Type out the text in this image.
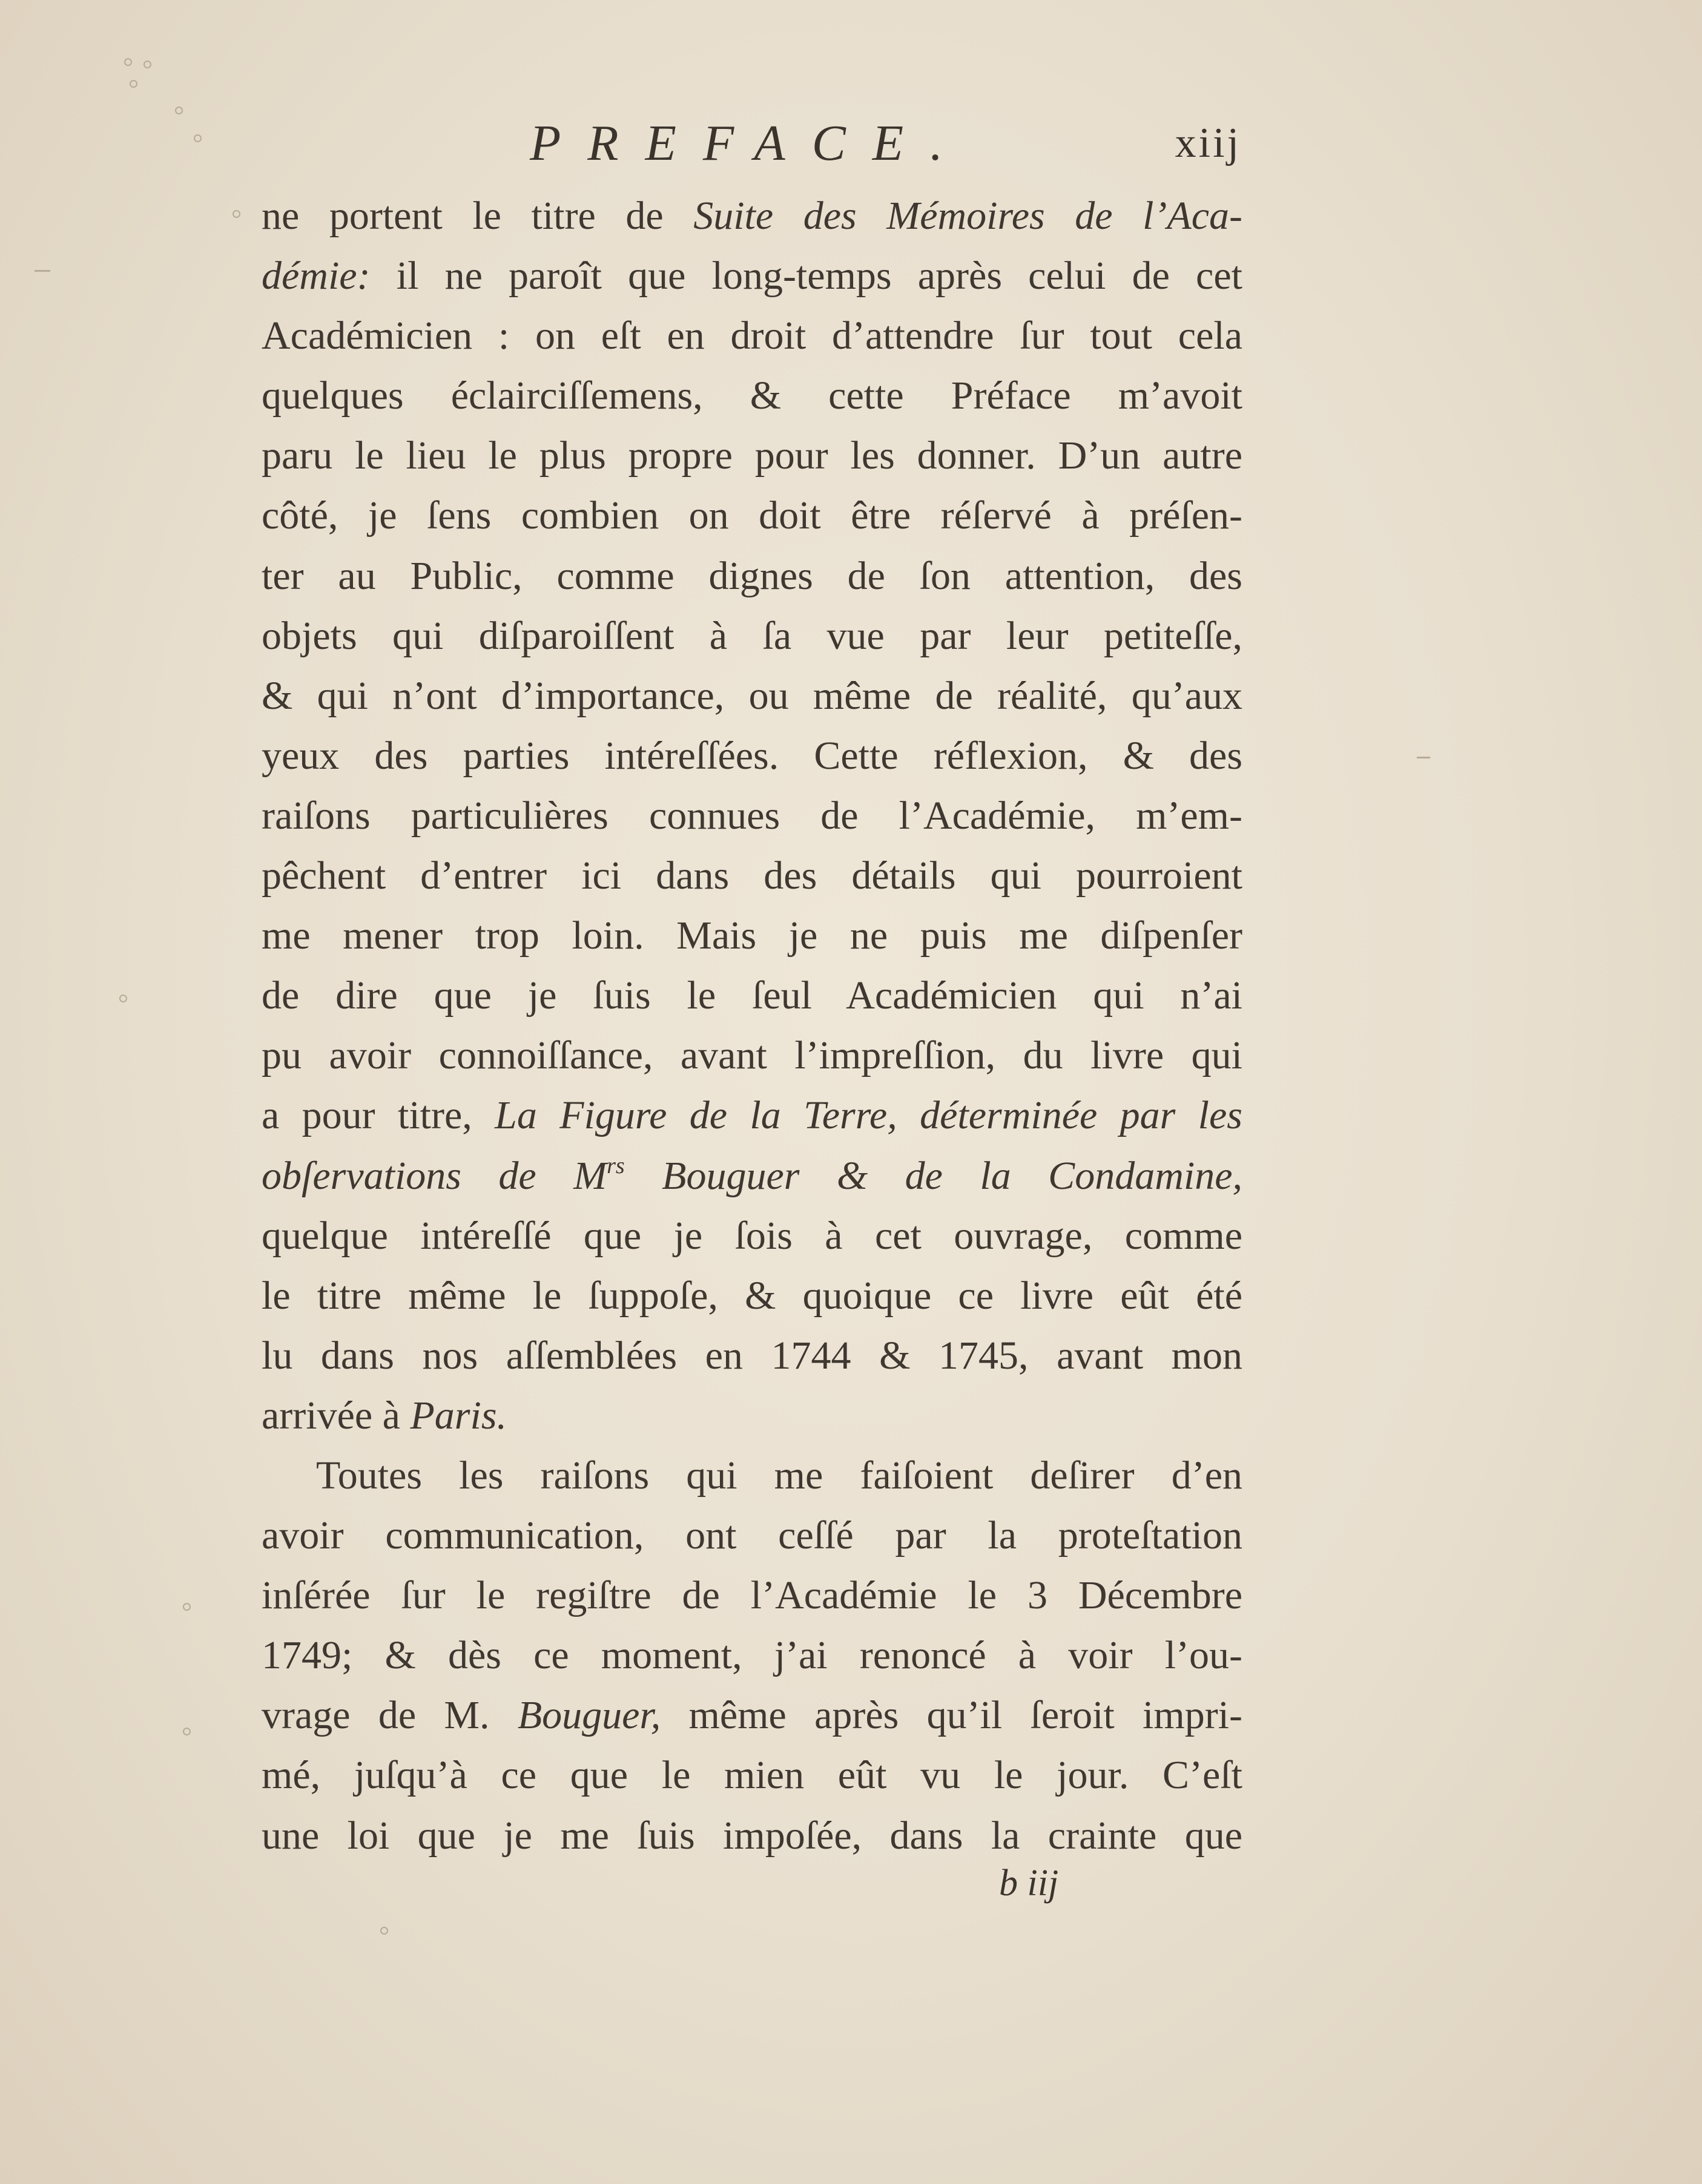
PREFACE.	xiij
ne portent le titre de Suite des Mémoires de l’Aca-
démie: il ne paroît que long-temps après celui de cet
Académicien : on eſt en droit d’attendre ſur tout cela
quelques éclairciſſemens, & cette Préface m’avoit
paru le lieu le plus propre pour les donner. D’un autre
côté, je ſens combien on doit être réſervé à préſen-
ter au Public, comme dignes de ſon attention, des
objets qui diſparoiſſent à ſa vue par leur petiteſſe,
& qui n’ont d’importance, ou même de réalité, qu’aux
yeux des parties intéreſſées. Cette réflexion, & des
raiſons particulières connues de l’Académie, m’em-
pêchent d’entrer ici dans des détails qui pourroient
me mener trop loin. Mais je ne puis me diſpenſer
de dire que je ſuis le ſeul Académicien qui n’ai
pu avoir connoiſſance, avant l’impreſſion, du livre qui
a pour titre, La Figure de la Terre, déterminée par les
obſervations de $M^{rs}$ Bouguer & de la Condamine,
quelque intéreſſé que je ſois à cet ouvrage, comme
le titre même le ſuppoſe, & quoique ce livre eût été
lu dans nos aſſemblées en 1744 & 1745, avant mon
arrivée à Paris.
Toutes les raiſons qui me faiſoient deſirer d’en
avoir communication, ont ceſſé par la proteſtation
inſérée ſur le regiſtre de l’Académie le 3 Décembre
1749; & dès ce moment, j’ai renoncé à voir l’ou-
vrage de M. Bouguer, même après qu’il ſeroit impri-
mé, juſqu’à ce que le mien eût vu le jour. C’eſt
une loi que je me ſuis impoſée, dans la crainte que
b iij
